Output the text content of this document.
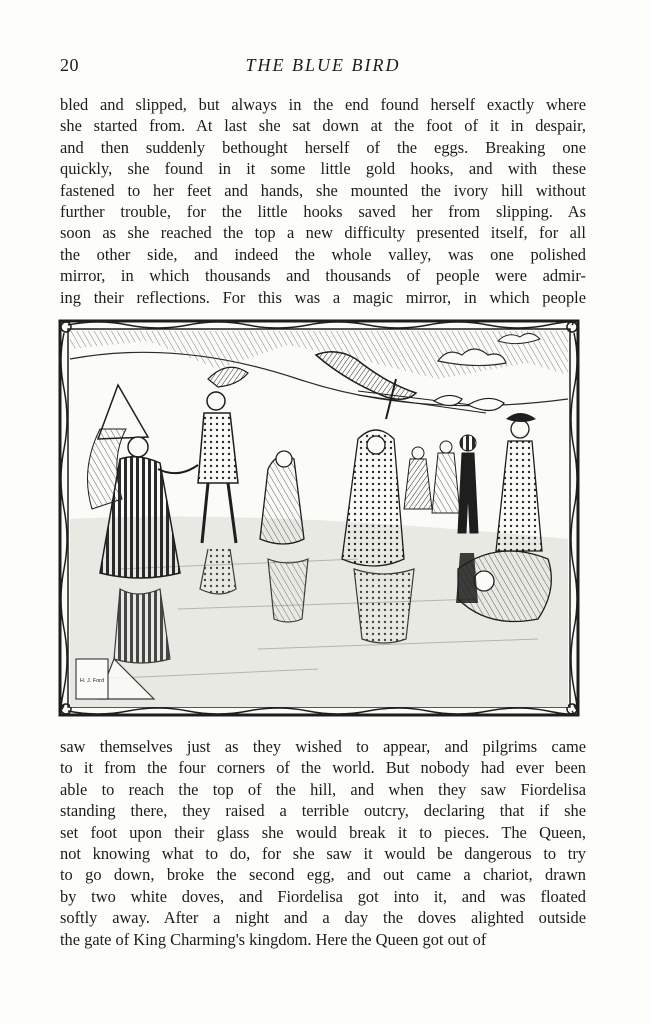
20	THE BLUE BIRD
bled and slipped, but always in the end found herself exactly where
she started from. At last she sat down at the foot of it in despair,
and then suddenly bethought herself of the eggs. Breaking one
quickly, she found in it some little gold hooks, and with these
fastened to her feet and hands, she mounted the ivory hill without
further trouble, for the little hooks saved her from slipping. As
soon as she reached the top a new difficulty presented itself, for all
the other side, and indeed the whole valley, was one polished
mirror, in which thousands and thousands of people were admir-
ing their reflections. For this was a magic mirror, in which people
H. J. Ford
saw themselves just as they wished to appear, and pilgrims came
to it from the four corners of the world. But nobody had ever been
able to reach the top of the hill, and when they saw Fiordelisa
standing there, they raised a terrible outcry, declaring that if she
set foot upon their glass she would break it to pieces. The Queen,
not knowing what to do, for she saw it would be dangerous to try
to go down, broke the second egg, and out came a chariot, drawn
by two white doves, and Fiordelisa got into it, and was floated
softly away. After a night and a day the doves alighted outside
the gate of King Charming's kingdom. Here the Queen got out of
